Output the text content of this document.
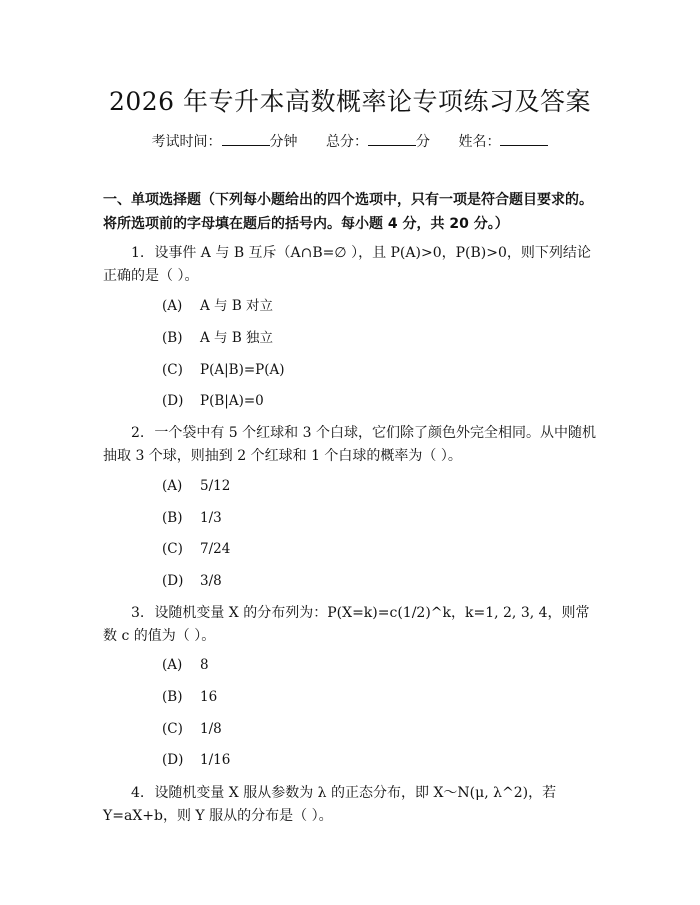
2026 年专升本高数概率论专项练习及答案
考试时间：	分钟 总分：	分 姓名：
一、单项选择题（下列每小题给出的四个选项中，只有一项是符合题目要求的。将所选项前的字母填在题后的括号内。每小题 4 分，共 20 分。）
1. 设事件 A 与 B 互斥（A∩B=∅ ），且 P(A)>0，P(B)>0，则下列结论正确的是（ ）。
(A) A 与 B 对立
(B) A 与 B 独立
(C) P(A|B)=P(A)
(D) P(B|A)=0
2. 一个袋中有 5 个红球和 3 个白球，它们除了颜色外完全相同。从中随机抽取 3 个球，则抽到 2 个红球和 1 个白球的概率为（ ）。
(A) 5/12
(B) 1/3
(C) 7/24
(D) 3/8
3. 设随机变量 X 的分布列为：P(X=k)=c(1/2)^k，k=1, 2, 3, 4，则常数 c 的值为（ ）。
(A) 8
(B) 16
(C) 1/8
(D) 1/16
4. 设随机变量 X 服从参数为 λ 的正态分布，即 X～N(μ, λ^2)，若 Y=aX+b，则 Y 服从的分布是（ ）。
